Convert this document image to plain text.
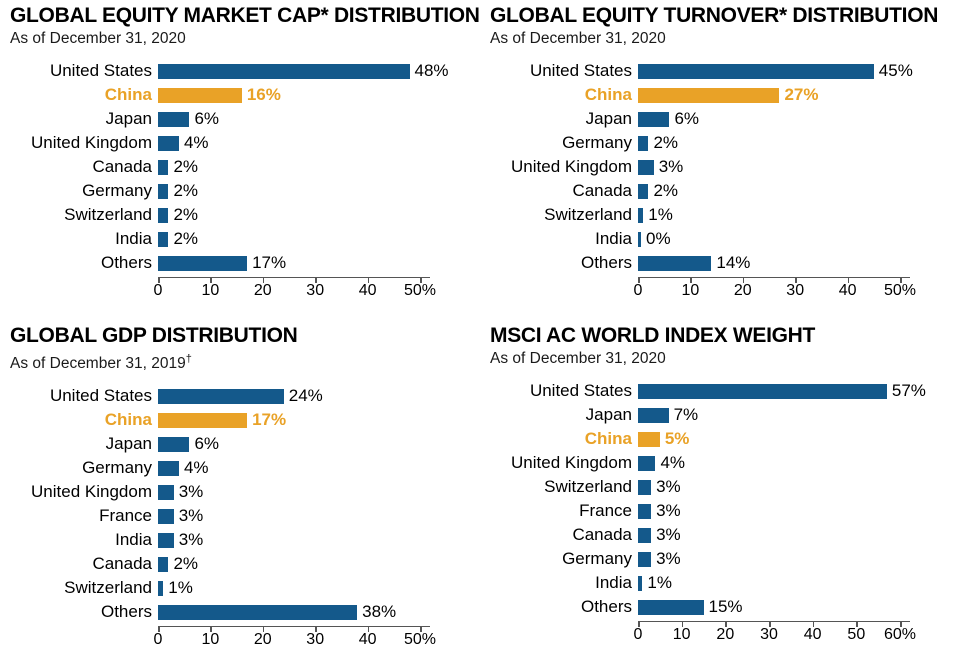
GLOBAL EQUITY MARKET CAP* DISTRIBUTION
As of December 31, 2020
United States	48%
China	16%
Japan	6%
United Kingdom	4%
Canada	2%
Germany	2%
Switzerland	2%
India	2%
Others	17%
0 10 20 30 40 50%
GLOBAL EQUITY TURNOVER* DISTRIBUTION
As of December 31, 2020
United States	45%
China	27%
Japan	6%
Germany	2%
United Kingdom	3%
Canada	2%
Switzerland 1%
India 0%
Others	14%
0 10 20 30 40 50%
GLOBAL GDP DISTRIBUTION
As of December 31, 2019†
United States	24%
China	17%
Japan	6%
Germany	4%
United Kingdom	3%
France	3%
India	3%
Canada	2%
Switzerland 1%
Others	38%
0 10 20 30 40 50%
MSCI AC WORLD INDEX WEIGHT
As of December 31, 2020
United States	57%
Japan	7%
China	5%
United Kingdom	4%
Switzerland	3%
France	3%
Canada	3%
Germany	3%
India 1%
Others	15%
0 10 20 30 40 50 60%
